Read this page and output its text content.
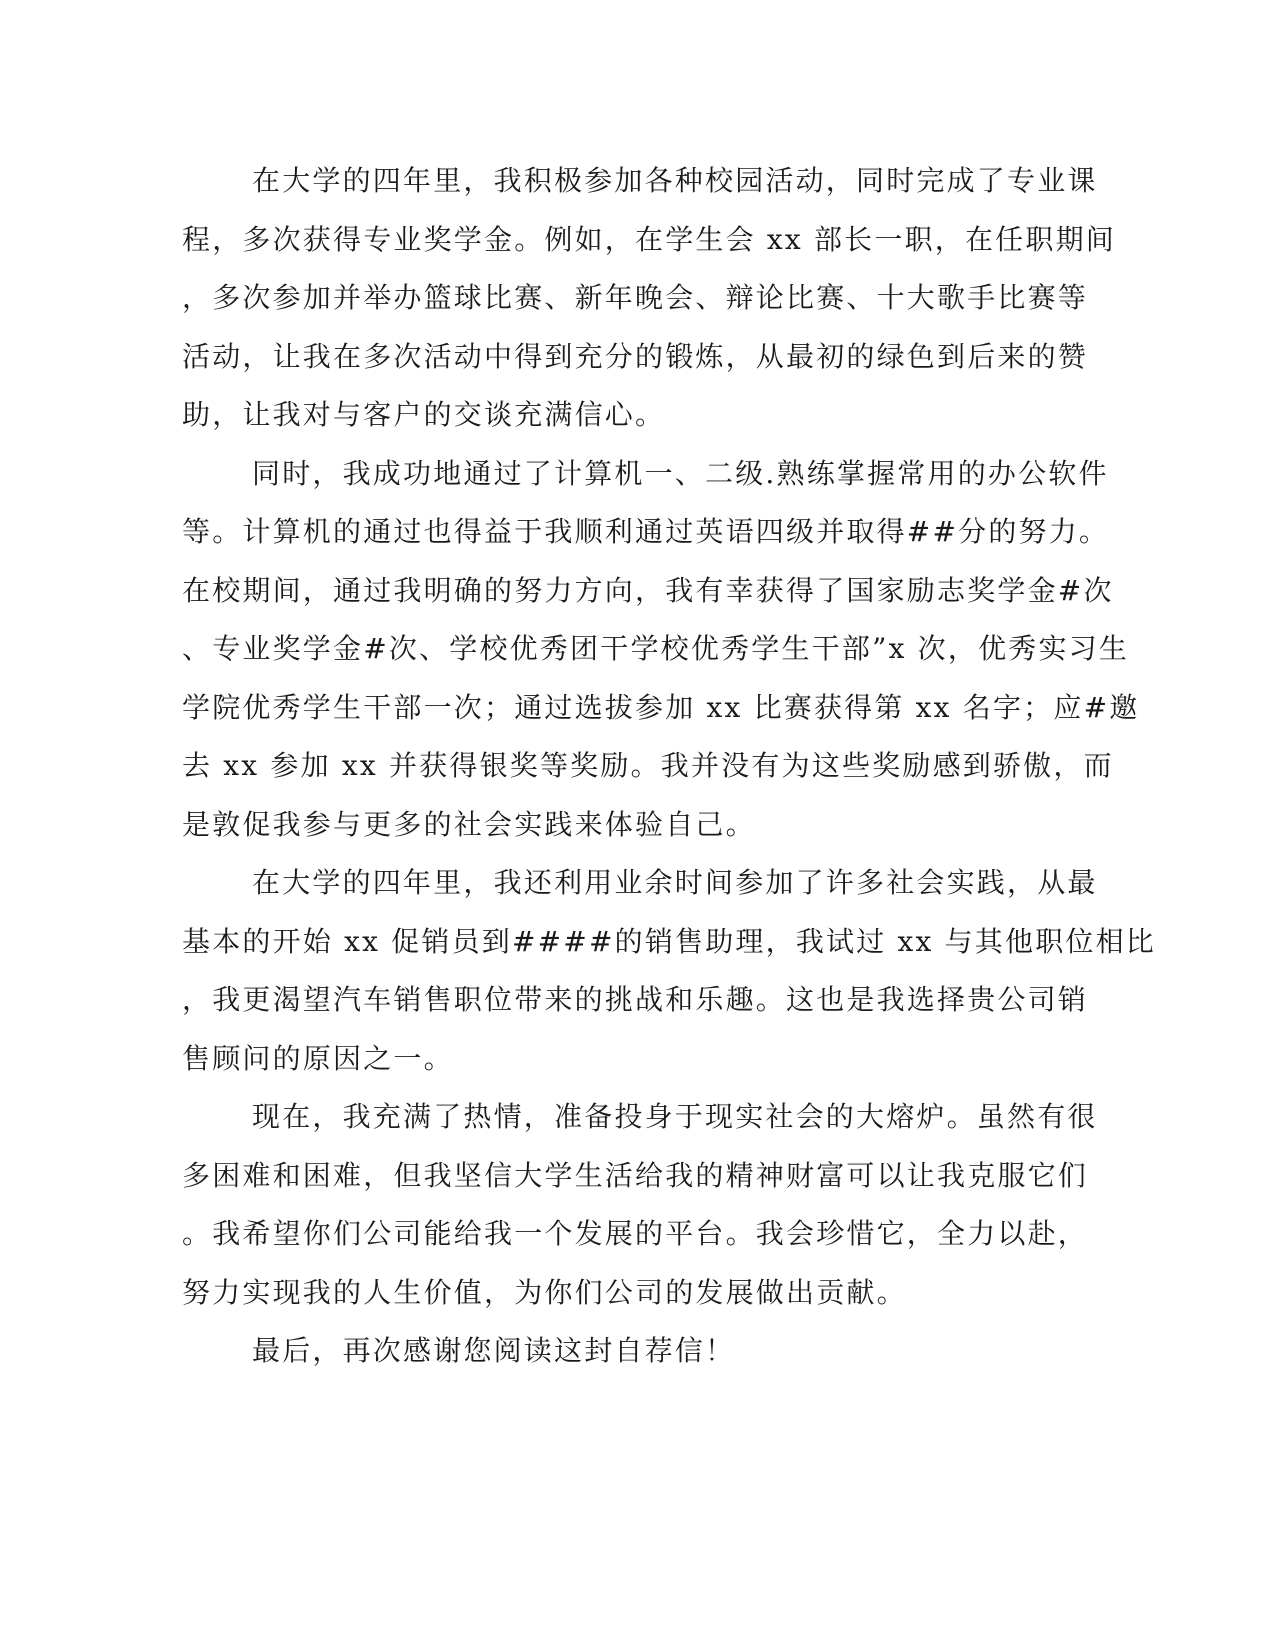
在大学的四年里，我积极参加各种校园活动，同时完成了专业课
程，多次获得专业奖学金。例如，在学生会 xx 部长一职，在任职期间
，多次参加并举办篮球比赛、新年晚会、辩论比赛、十大歌手比赛等
活动，让我在多次活动中得到充分的锻炼，从最初的绿色到后来的赞
助，让我对与客户的交谈充满信心。
同时，我成功地通过了计算机一、二级.熟练掌握常用的办公软件
等。计算机的通过也得益于我顺利通过英语四级并取得##分的努力。
在校期间，通过我明确的努力方向，我有幸获得了国家励志奖学金#次
、专业奖学金#次、学校优秀团干学校优秀学生干部”x 次，优秀实习生
学院优秀学生干部一次；通过选拔参加 xx 比赛获得第 xx 名字；应#邀
去 xx 参加 xx 并获得银奖等奖励。我并没有为这些奖励感到骄傲，而
是敦促我参与更多的社会实践来体验自己。
在大学的四年里，我还利用业余时间参加了许多社会实践，从最
基本的开始 xx 促销员到####的销售助理，我试过 xx 与其他职位相比
，我更渴望汽车销售职位带来的挑战和乐趣。这也是我选择贵公司销
售顾问的原因之一。
现在，我充满了热情，准备投身于现实社会的大熔炉。虽然有很
多困难和困难，但我坚信大学生活给我的精神财富可以让我克服它们
。我希望你们公司能给我一个发展的平台。我会珍惜它，全力以赴，
努力实现我的人生价值，为你们公司的发展做出贡献。
最后，再次感谢您阅读这封自荐信！
